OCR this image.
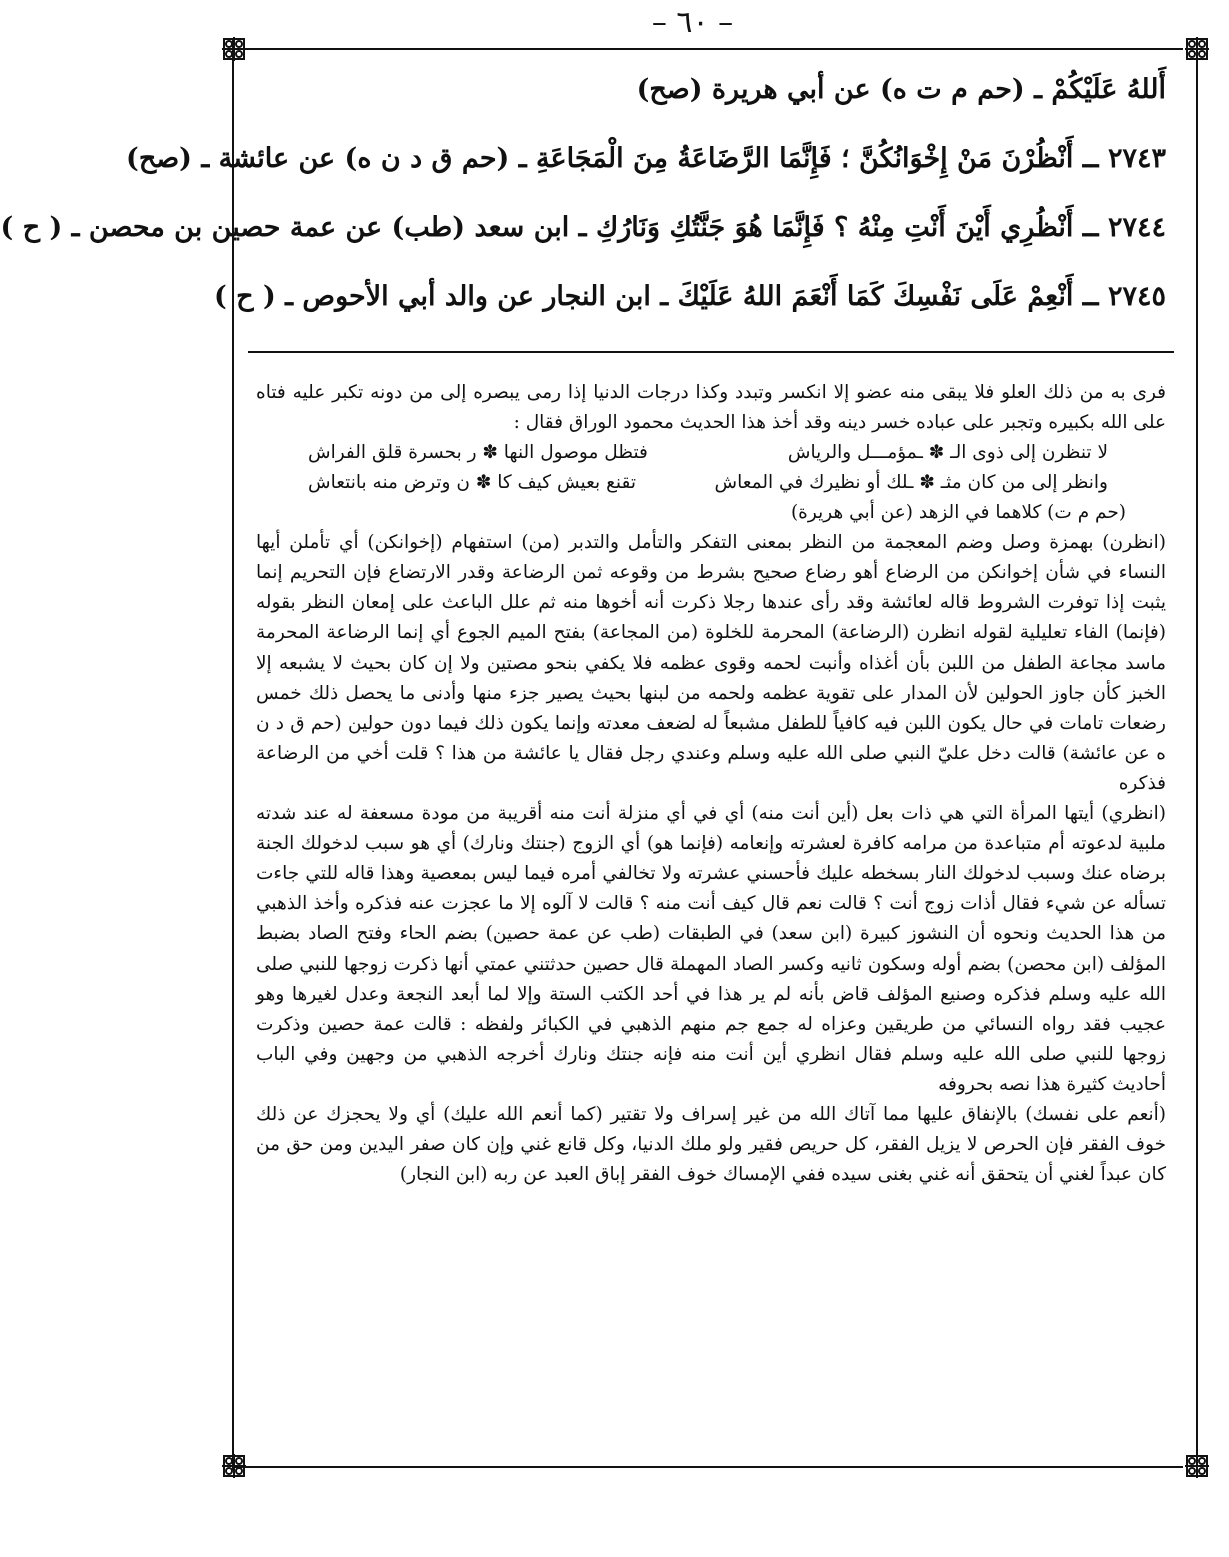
– ٦٠ –
أَللهُ عَلَيْكُمْ ـ (حم م ت ه) عن أبي هريرة (صح)
٢٧٤٣ ــ أَنْظُرْنَ مَنْ إِخْوَانُكُنَّ ؛ فَإِنَّمَا الرَّضَاعَةُ مِنَ الْمَجَاعَةِ ـ (حم ق د ن ه) عن عائشة ـ (صح)
٢٧٤٤ ــ أَنْظُرِي أَيْنَ أَنْتِ مِنْهُ ؟ فَإِنَّمَا هُوَ جَنَّتُكِ وَنَارُكِ ـ ابن سعد (طب) عن عمة حصين بن محصن ـ ( ح )
٢٧٤٥ ــ أَنْعِمْ عَلَى نَفْسِكَ كَمَا أَنْعَمَ اللهُ عَلَيْكَ ـ ابن النجار عن والد أبي الأحوص ـ ( ح )

فرى به من ذلك العلو فلا يبقى منه عضو إلا انكسر وتبدد وكذا درجات الدنيا إذا رمى يبصره إلى من دونه تكبر عليه فتاه على الله بكبيره وتجبر على عباده خسر دينه وقد أخذ هذا الحديث محمود الوراق فقال :

لا تنظرن إلى ذوى الـ ✽ ـمؤمـــل والرياش
فتظل موصول النها ✽ ر بحسرة قلق الفراش
وانظر إلى من كان مثـ ✽ ـلك أو نظيرك في المعاش
تقنع بعيش كيف كا ✽ ن وترض منه بانتعاش
(حم م ت) كلاهما في الزهد (عن أبي هريرة)

(انظرن) بهمزة وصل وضم المعجمة من النظر بمعنى التفكر والتأمل والتدبر (من) استفهام (إخوانكن) أي تأملن أيها النساء في شأن إخوانكن من الرضاع أهو رضاع صحيح بشرط من وقوعه ثمن الرضاعة وقدر الارتضاع فإن التحريم إنما يثبت إذا توفرت الشروط قاله لعائشة وقد رأى عندها رجلا ذكرت أنه أخوها منه ثم علل الباعث على إمعان النظر بقوله (فإنما) الفاء تعليلية لقوله انظرن (الرضاعة) المحرمة للخلوة (من المجاعة) بفتح الميم الجوع أي إنما الرضاعة المحرمة ماسد مجاعة الطفل من اللبن بأن أغذاه وأنبت لحمه وقوى عظمه فلا يكفي بنحو مصتين ولا إن كان بحيث لا يشبعه إلا الخبز كأن جاوز الحولين لأن المدار على تقوية عظمه ولحمه من لبنها بحيث يصير جزء منها وأدنى ما يحصل ذلك خمس رضعات تامات في حال يكون اللبن فيه كافياً للطفل مشبعاً له لضعف معدته وإنما يكون ذلك فيما دون حولين (حم ق د ن ه عن عائشة) قالت دخل عليّ النبي صلى الله عليه وسلم وعندي رجل فقال يا عائشة من هذا ؟ قلت أخي من الرضاعة فذكره

(انظري) أيتها المرأة التي هي ذات بعل (أين أنت منه) أي في أي منزلة أنت منه أقريبة من مودة مسعفة له عند شدته ملبية لدعوته أم متباعدة من مرامه كافرة لعشرته وإنعامه (فإنما هو) أي الزوج (جنتك ونارك) أي هو سبب لدخولك الجنة برضاه عنك وسبب لدخولك النار بسخطه عليك فأحسني عشرته ولا تخالفي أمره فيما ليس بمعصية وهذا قاله للتي جاءت تسأله عن شيء فقال أذات زوج أنت ؟ قالت نعم قال كيف أنت منه ؟ قالت لا آلوه إلا ما عجزت عنه فذكره وأخذ الذهبي من هذا الحديث ونحوه أن النشوز كبيرة (ابن سعد) في الطبقات (طب عن عمة حصين) بضم الحاء وفتح الصاد بضبط المؤلف (ابن محصن) بضم أوله وسكون ثانيه وكسر الصاد المهملة قال حصين حدثتني عمتي أنها ذكرت زوجها للنبي صلى الله عليه وسلم فذكره وصنيع المؤلف قاض بأنه لم ير هذا في أحد الكتب الستة وإلا لما أبعد النجعة وعدل لغيرها وهو عجيب فقد رواه النسائي من طريقين وعزاه له جمع جم منهم الذهبي في الكبائر ولفظه : قالت عمة حصين وذكرت زوجها للنبي صلى الله عليه وسلم فقال انظري أين أنت منه فإنه جنتك ونارك أخرجه الذهبي من وجهين وفي الباب أحاديث كثيرة هذا نصه بحروفه

(أنعم على نفسك) بالإنفاق عليها مما آتاك الله من غير إسراف ولا تقتير (كما أنعم الله عليك) أي ولا يحجزك عن ذلك خوف الفقر فإن الحرص لا يزيل الفقر، كل حريص فقير ولو ملك الدنيا، وكل قانع غني وإن كان صفر اليدين ومن حق من كان عبداً لغني أن يتحقق أنه غني بغنى سيده ففي الإمساك خوف الفقر إباق العبد عن ربه (ابن النجار)
